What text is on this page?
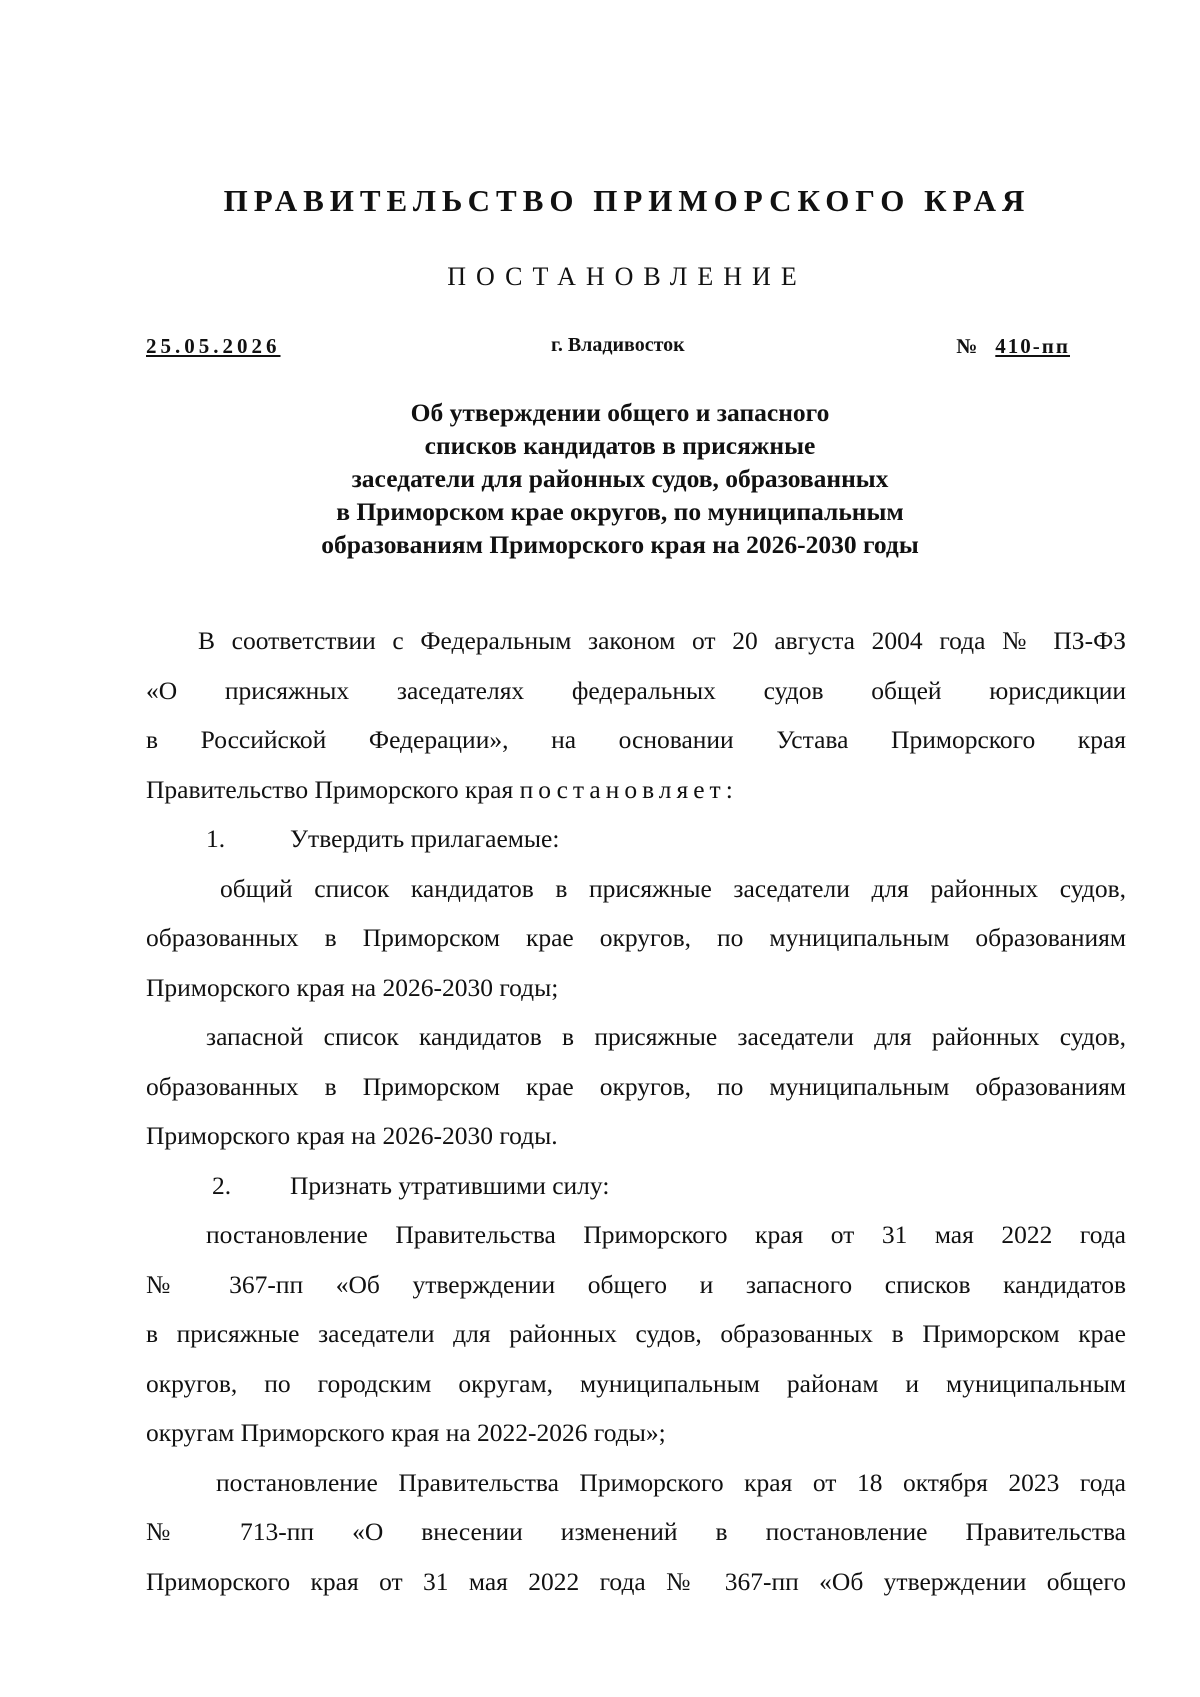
ПРАВИТЕЛЬСТВО ПРИМОРСКОГО КРАЯ
ПОСТАНОВЛЕНИЕ
25.05.2026	г. Владивосток	№ 410-пп
Об утверждении общего и запасного
списков кандидатов в присяжные
заседатели для районных судов, образованных
в Приморском крае округов, по муниципальным
образованиям Приморского края на 2026-2030 годы
В соответствии с Федеральным законом от 20 августа 2004 года № ПЗ-ФЗ
«О присяжных заседателях федеральных судов общей юрисдикции
в Российской Федерации», на основании Устава Приморского края
Правительство Приморского края постановляет:
1.	Утвердить прилагаемые:
общий список кандидатов в присяжные заседатели для районных судов,
образованных в Приморском крае округов, по муниципальным образованиям
Приморского края на 2026-2030 годы;
запасной список кандидатов в присяжные заседатели для районных судов,
образованных в Приморском крае округов, по муниципальным образованиям
Приморского края на 2026-2030 годы.
2. Признать утратившими силу:
постановление Правительства Приморского края от 31 мая 2022 года
№ 367-пп «Об утверждении общего и запасного списков кандидатов
в присяжные заседатели для районных судов, образованных в Приморском крае
округов, по городским округам, муниципальным районам и муниципальным
округам Приморского края на 2022-2026 годы»;
постановление Правительства Приморского края от 18 октября 2023 года
№ 713-пп «О внесении изменений в постановление Правительства
Приморского края от 31 мая 2022 года № 367-пп «Об утверждении общего
